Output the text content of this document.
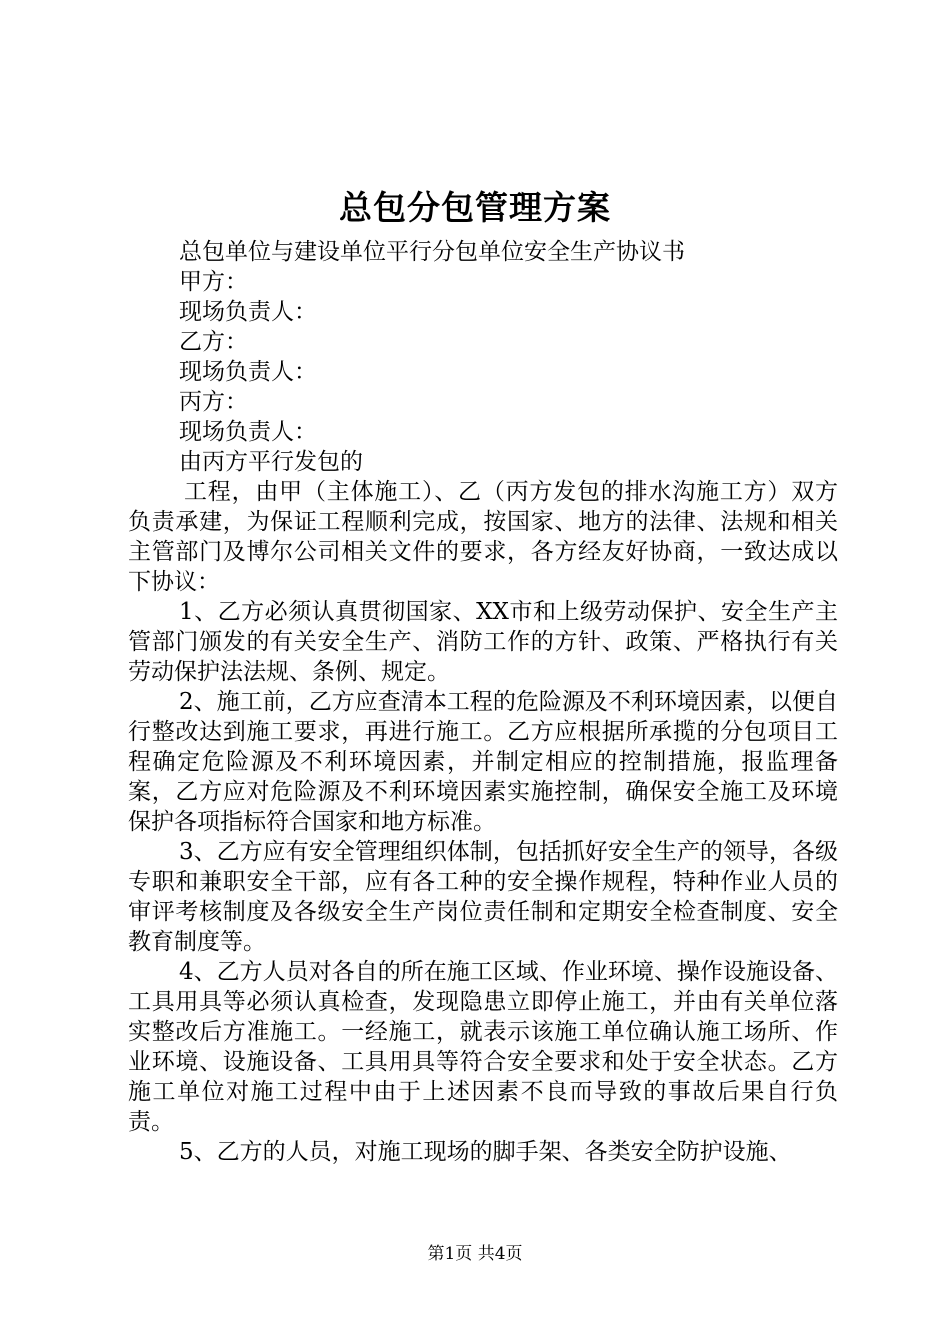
总包分包管理方案
总包单位与建设单位平行分包单位安全生产协议书
甲方：
现场负责人：
乙方：
现场负责人：
丙方：
现场负责人：
由丙方平行发包的
工程，由甲（主体施工）、乙（丙方发包的排水沟施工方）双方负责承建，为保证工程顺利完成，按国家、地方的法律、法规和相关主管部门及博尔公司相关文件的要求，各方经友好协商，一致达成以下协议：
1、乙方必须认真贯彻国家、XX市和上级劳动保护、安全生产主管部门颁发的有关安全生产、消防工作的方针、政策、严格执行有关劳动保护法法规、条例、规定。
2、施工前，乙方应查清本工程的危险源及不利环境因素，以便自行整改达到施工要求，再进行施工。乙方应根据所承揽的分包项目工程确定危险源及不利环境因素，并制定相应的控制措施，报监理备案，乙方应对危险源及不利环境因素实施控制，确保安全施工及环境保护各项指标符合国家和地方标准。
3、乙方应有安全管理组织体制，包括抓好安全生产的领导，各级专职和兼职安全干部，应有各工种的安全操作规程，特种作业人员的审评考核制度及各级安全生产岗位责任制和定期安全检查制度、安全教育制度等。
4、乙方人员对各自的所在施工区域、作业环境、操作设施设备、工具用具等必须认真检查，发现隐患立即停止施工，并由有关单位落实整改后方准施工。一经施工，就表示该施工单位确认施工场所、作业环境、设施设备、工具用具等符合安全要求和处于安全状态。乙方施工单位对施工过程中由于上述因素不良而导致的事故后果自行负责。
5、乙方的人员，对施工现场的脚手架、各类安全防护设施、
第1页 共4页
